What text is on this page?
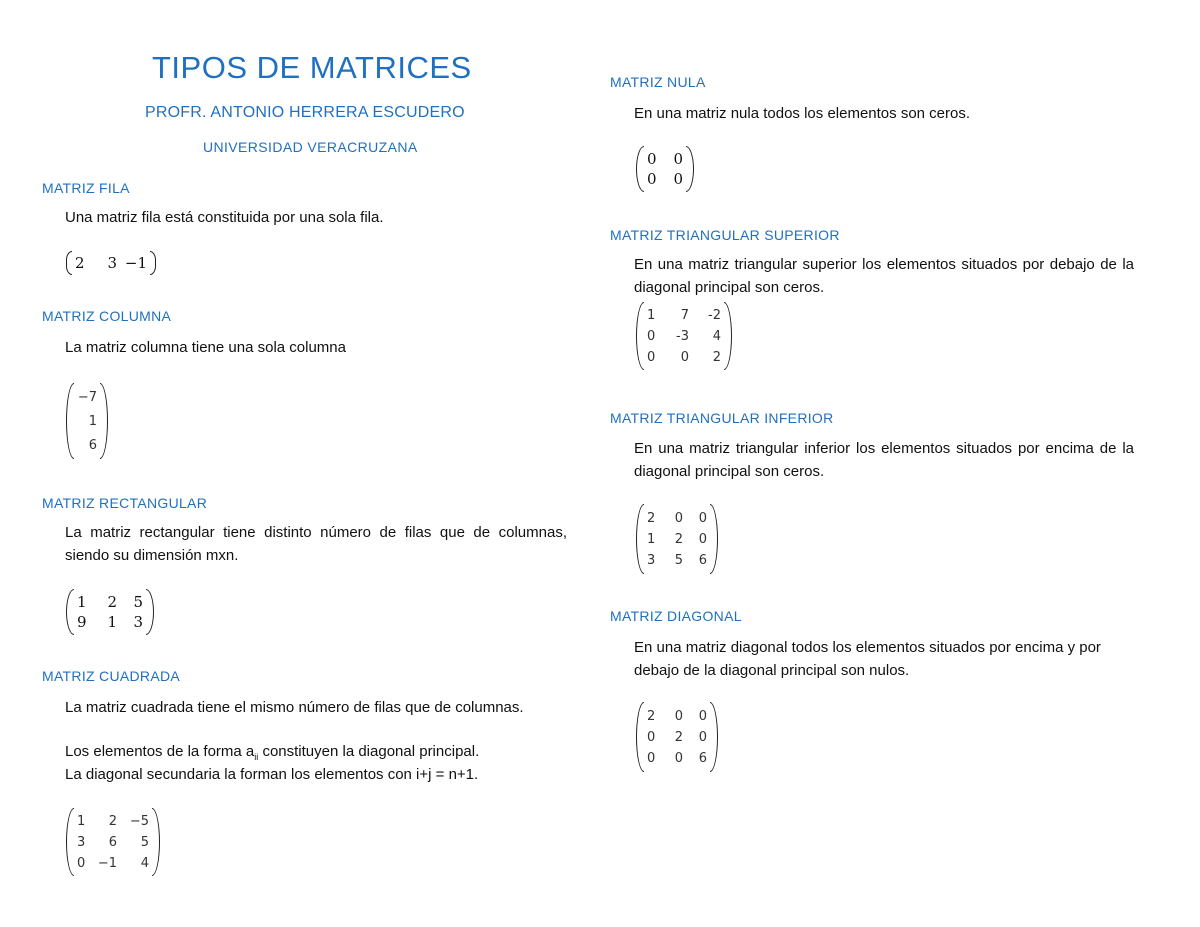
TIPOS DE MATRICES
PROFR. ANTONIO HERRERA ESCUDERO
UNIVERSIDAD VERACRUZANA
MATRIZ FILA
Una matriz fila está constituida por una sola fila.
2	3 −1
MATRIZ COLUMNA
La matriz columna tiene una sola columna
−7
1
6
MATRIZ RECTANGULAR
La matriz rectangular tiene distinto número de filas que de columnas, siendo su dimensión mxn.
1	2	5
9	1	3
MATRIZ CUADRADA
La matriz cuadrada tiene el mismo número de filas que de columnas.
Los elementos de la forma $a_{ii}$ constituyen la diagonal principal.
La diagonal secundaria la forman los elementos con i+j = n+1.
1	2 −5
3	6	5
0 −1	4
MATRIZ NULA
En una matriz nula todos los elementos son ceros.
0	0
0	0
MATRIZ TRIANGULAR SUPERIOR
En una matriz triangular superior los elementos situados por debajo de la diagonal principal son ceros.
1	7	-2
0	-3	4
0	0	2
MATRIZ TRIANGULAR INFERIOR
En una matriz triangular inferior los elementos situados por encima de la diagonal principal son ceros.
2	0	0
1	2	0
3	5	6
MATRIZ DIAGONAL
En una matriz diagonal todos los elementos situados por encima y por debajo de la diagonal principal son nulos.
2	0	0
0	2	0
0	0	6
